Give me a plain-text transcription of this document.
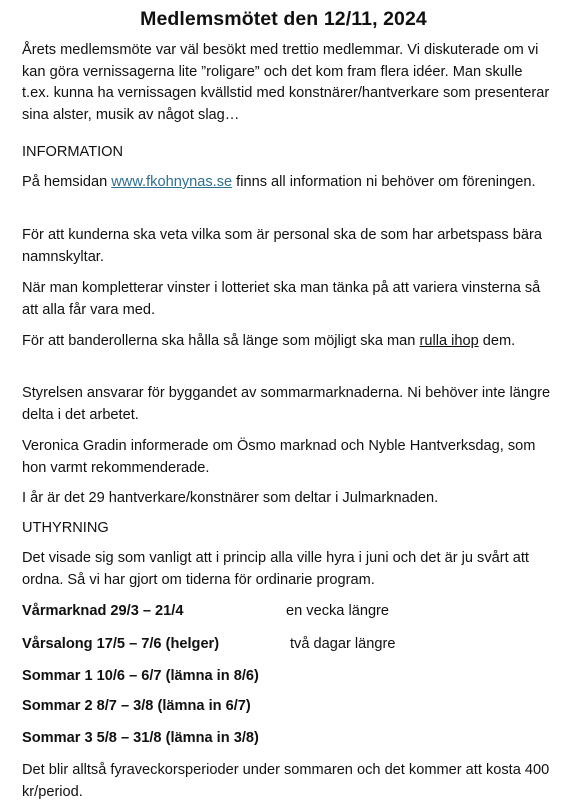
Medlemsmötet den 12/11, 2024

Årets medlemsmöte var väl besökt med trettio medlemmar. Vi diskuterade om vi kan göra vernissagerna lite ”roligare” och det kom fram flera idéer. Man skulle t.ex. kunna ha vernissagen kvällstid med konstnärer/hantverkare som presenterar sina alster, musik av något slag…

INFORMATION

På hemsidan www.fkohnynas.se finns all information ni behöver om föreningen.

För att kunderna ska veta vilka som är personal ska de som har arbetspass bära namnskyltar.

När man kompletterar vinster i lotteriet ska man tänka på att variera vinsterna så att alla får vara med.

För att banderollerna ska hålla så länge som möjligt ska man rulla ihop dem.

Styrelsen ansvarar för byggandet av sommarmarknaderna. Ni behöver inte längre delta i det arbetet.

Veronica Gradin informerade om Ösmo marknad och Nyble Hantverksdag, som hon varmt rekommenderade.

I år är det 29 hantverkare/konstnärer som deltar i Julmarknaden.

UTHYRNING

Det visade sig som vanligt att i princip alla ville hyra i juni och det är ju svårt att ordna. Så vi har gjort om tiderna för ordinarie program.

Vårmarknad 29/3 – 21/4	en vecka längre
Vårsalong 17/5 – 7/6 (helger)	två dagar längre
Sommar 1 10/6 – 6/7 (lämna in 8/6)
Sommar 2 8/7 – 3/8 (lämna in 6/7)
Sommar 3 5/8 – 31/8 (lämna in 3/8)

Det blir alltså fyraveckorsperioder under sommaren och det kommer att kosta 400 kr/period.
